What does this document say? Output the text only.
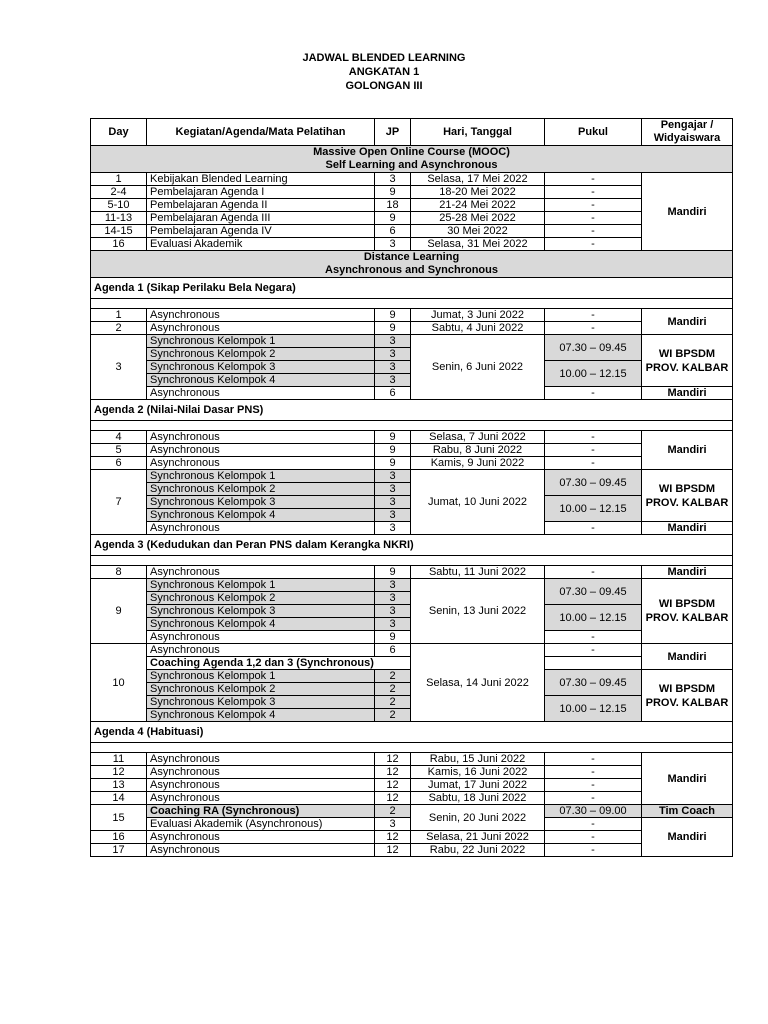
JADWAL BLENDED LEARNING
ANGKATAN 1
GOLONGAN III
Day	Kegiatan/Agenda/Mata Pelatihan	JP	Hari, Tanggal	Pukul	Pengajar / Widyaiswara
Massive Open Online Course (MOOC)
Self Learning and Asynchronous					
1	Kebijakan Blended Learning	3	Selasa, 17 Mei 2022	-	Mandiri
2-4	Pembelajaran Agenda I	9	18-20 Mei 2022	-	
5-10	Pembelajaran Agenda II	18	21-24 Mei 2022	-	
11-13	Pembelajaran Agenda III	9	25-28 Mei 2022	-	
14-15	Pembelajaran Agenda IV	6	30 Mei 2022	-	
16	Evaluasi Akademik	3	Selasa, 31 Mei 2022	-	
Distance Learning
Asynchronous and Synchronous					
Agenda 1 (Sikap Perilaku Bela Negara)					

1	Asynchronous	9	Jumat, 3 Juni 2022	-	Mandiri
2	Asynchronous	9	Sabtu, 4 Juni 2022	-	
3	Synchronous Kelompok 1	3	Senin, 6 Juni 2022	07.30 – 09.45	WI BPSDM PROV. KALBAR
	Synchronous Kelompok 2	3			
	Synchronous Kelompok 3	3		10.00 – 12.15	
	Synchronous Kelompok 4	3			
	Asynchronous	6		-	Mandiri
Agenda 2 (Nilai-Nilai Dasar PNS)					

4	Asynchronous	9	Selasa, 7 Juni 2022	-	Mandiri
5	Asynchronous	9	Rabu, 8 Juni 2022	-	
6	Asynchronous	9	Kamis, 9 Juni 2022	-	
7	Synchronous Kelompok 1	3	Jumat, 10 Juni 2022	07.30 – 09.45	WI BPSDM PROV. KALBAR
	Synchronous Kelompok 2	3			
	Synchronous Kelompok 3	3		10.00 – 12.15	
	Synchronous Kelompok 4	3			
	Asynchronous	3		-	Mandiri
Agenda 3 (Kedudukan dan Peran PNS dalam Kerangka NKRI)					

8	Asynchronous	9	Sabtu, 11 Juni 2022	-	Mandiri
9	Synchronous Kelompok 1	3	Senin, 13 Juni 2022	07.30 – 09.45	WI BPSDM PROV. KALBAR
	Synchronous Kelompok 2	3			
	Synchronous Kelompok 3	3		10.00 – 12.15	
	Synchronous Kelompok 4	3			
	Asynchronous	9		-	
10	Asynchronous	6	Selasa, 14 Juni 2022	-	Mandiri
	Coaching Agenda 1,2 dan 3 (Synchronous)				
	Synchronous Kelompok 1	2		07.30 – 09.45	WI BPSDM PROV. KALBAR
	Synchronous Kelompok 2	2			
	Synchronous Kelompok 3	2		10.00 – 12.15	
	Synchronous Kelompok 4	2			
Agenda 4 (Habituasi)					

11	Asynchronous	12	Rabu, 15 Juni 2022	-	Mandiri
12	Asynchronous	12	Kamis, 16 Juni 2022	-	
13	Asynchronous	12	Jumat, 17 Juni 2022	-	
14	Asynchronous	12	Sabtu, 18 Juni 2022	-	
15	Coaching RA (Synchronous)	2	Senin, 20 Juni 2022	07.30 – 09.00	Tim Coach
	Evaluasi Akademik (Asynchronous)	3		-	Mandiri
16	Asynchronous	12	Selasa, 21 Juni 2022	-	
17	Asynchronous	12	Rabu, 22 Juni 2022	-	
